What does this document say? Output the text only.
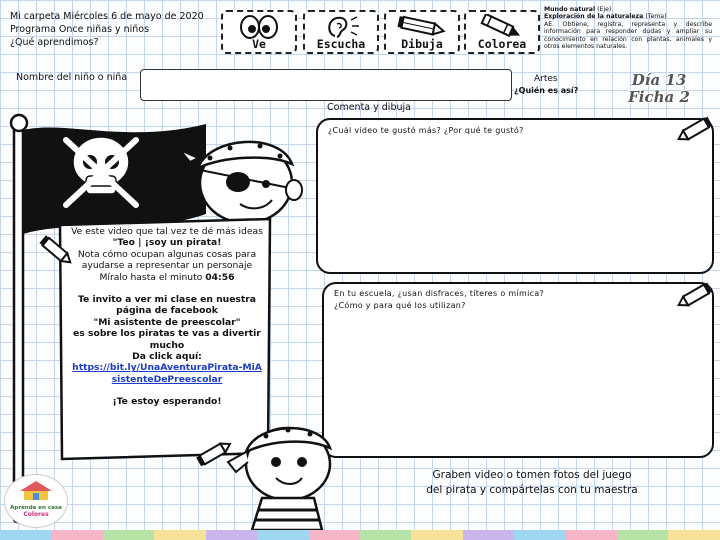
Mi carpeta Miércoles 6 de mayo de 2020
Programa Once niñas y niños
¿Qué aprendimos?	Ve	Escucha	Dibuja	Colorea
Mundo natural (Eje)
Exploración de la naturaleza (Tema)
AE. Obtiene, registra, representa y describe información para responder dudas y ampliar su conocimiento en relación con plantas, animales y otros elementos naturales.
Nombre del niño o niña	Artes
¿Quién es así?
Día 13
Ficha 2
Comenta y dibuja
Ve este video que tal vez te dé más ideas
"Teo | ¡soy un pirata!
Nota cómo ocupan algunas cosas para ayudarse a representar un personaje
Míralo hasta el minuto 04:56
Te invito a ver mi clase en nuestra página de facebook
"Mi asistente de preescolar"
es sobre los piratas te vas a divertir mucho
Da click aquí:
https://bit.ly/UnaAventuraPirata-MiAsistenteDePreescolar
¡Te estoy esperando!
¿Cuál video te gustó más? ¿Por qué te gustó?
En tu escuela, ¿usan disfraces, títeres o mímica?
¿Cómo y para qué los utilizan?
Graben video o tomen fotos del juego
del pirata y compártelas con tu maestra
Aprende en casa
Colores
